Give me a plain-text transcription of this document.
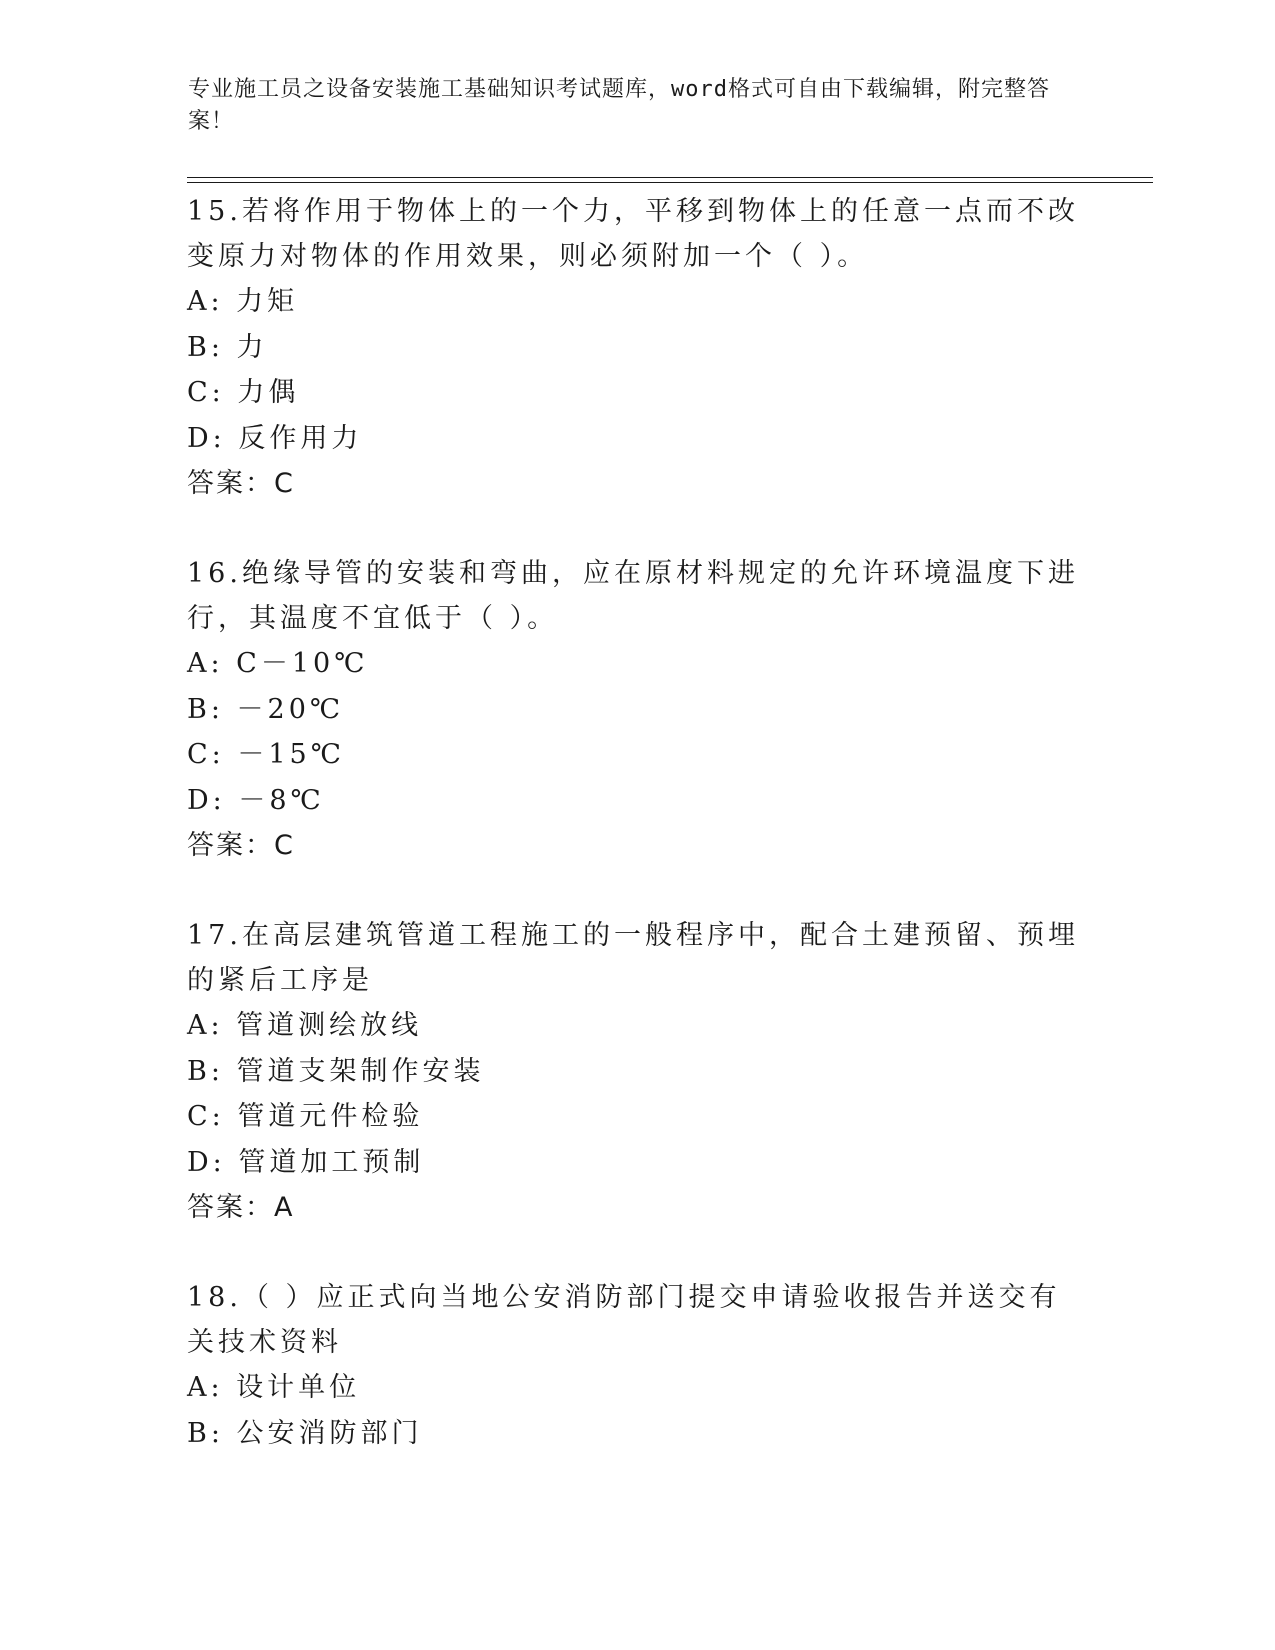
专业施工员之设备安装施工基础知识考试题库，word格式可自由下载编辑，附完整答案！
15.若将作用于物体上的一个力，平移到物体上的任意一点而不改变原力对物体的作用效果，则必须附加一个（ ）。
A: 力矩
B: 力
C: 力偶
D: 反作用力
答案：C
16.绝缘导管的安装和弯曲，应在原材料规定的允许环境温度下进行，其温度不宜低于（ ）。
A: C－10℃
B: －20℃
C: －15℃
D: －8℃
答案：C
17.在高层建筑管道工程施工的一般程序中，配合土建预留、预埋的紧后工序是
A: 管道测绘放线
B: 管道支架制作安装
C: 管道元件检验
D: 管道加工预制
答案：A
18.（ ）应正式向当地公安消防部门提交申请验收报告并送交有关技术资料
A: 设计单位
B: 公安消防部门
